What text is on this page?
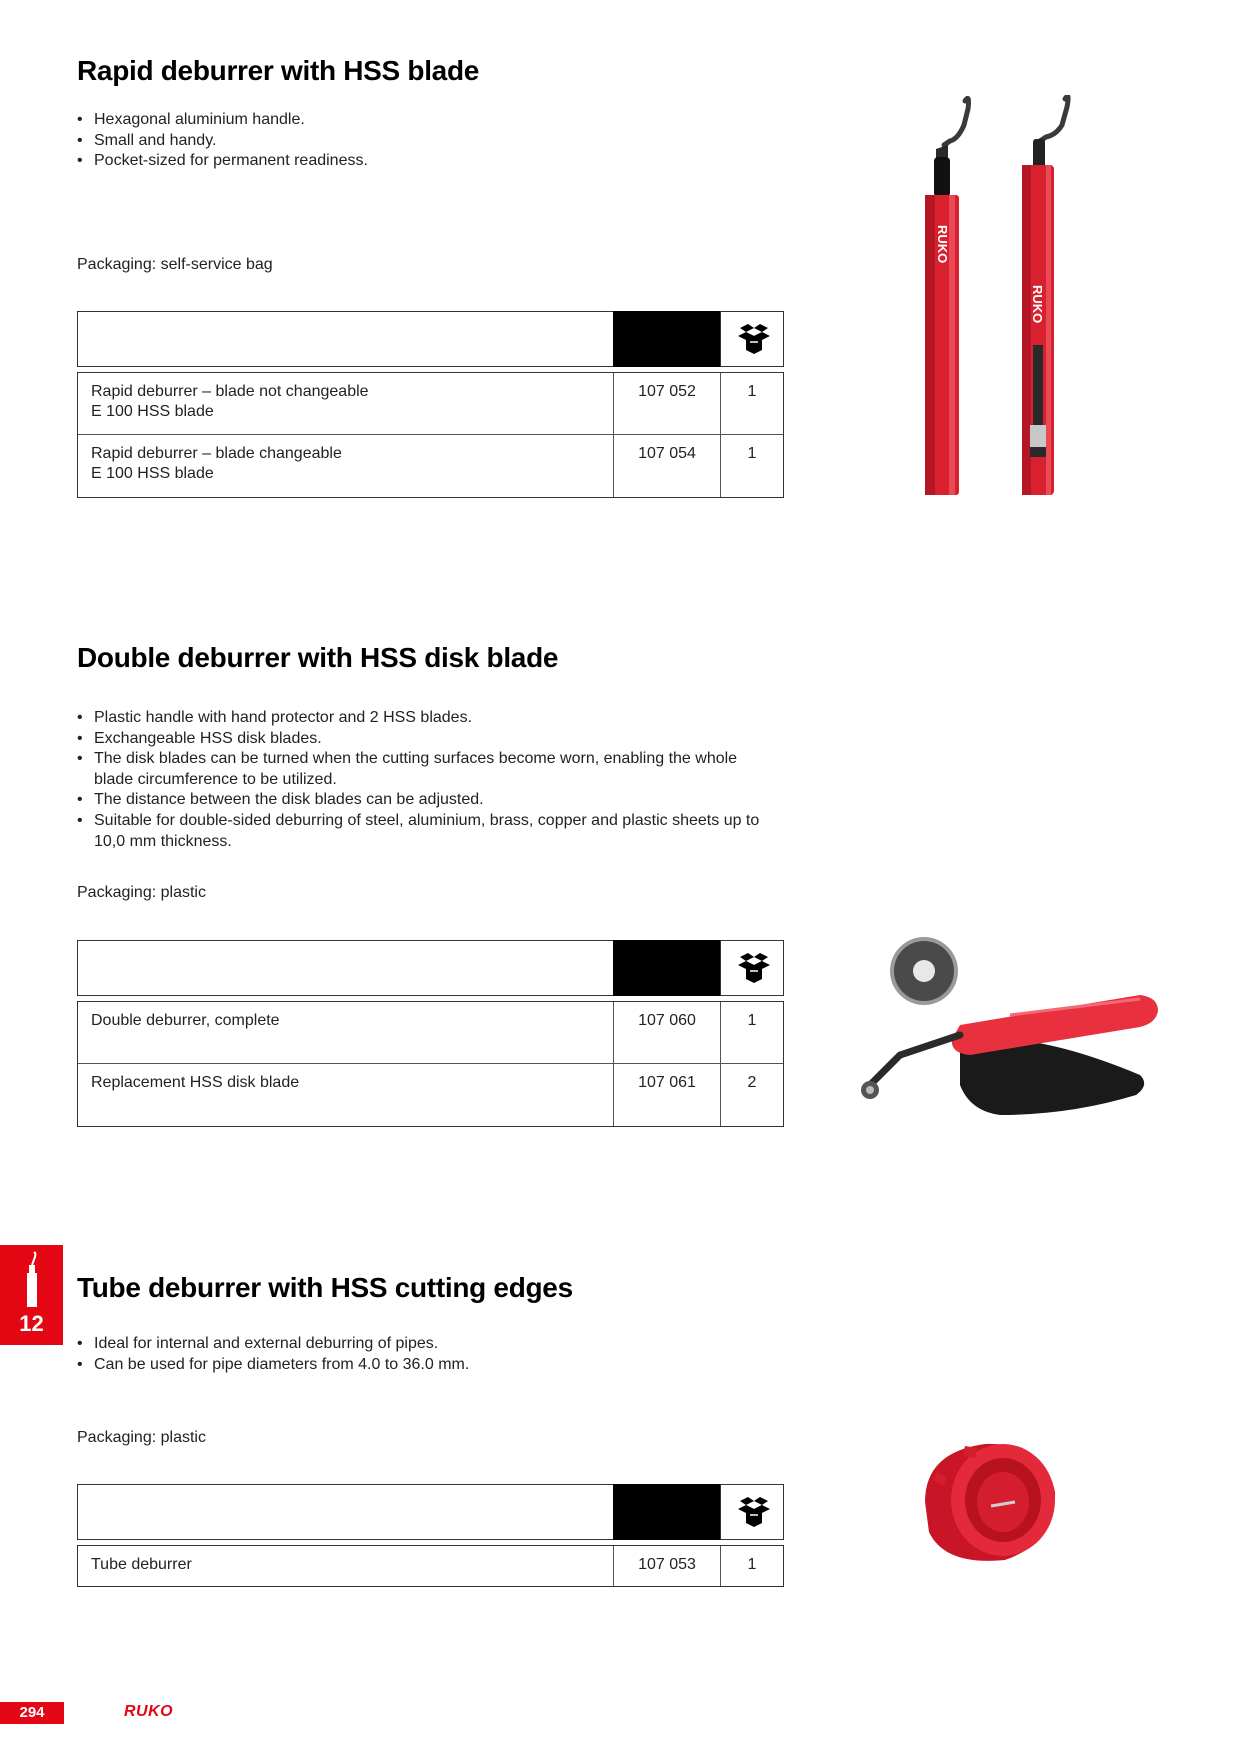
Rapid deburrer with HSS blade
• Hexagonal aluminium handle.
• Small and handy.
• Pocket-sized for permanent readiness.
Packaging: self-service bag
Rapid deburrer – blade not changeable
E 100 HSS blade
107 052	1
Rapid deburrer – blade changeable
E 100 HSS blade
107 054	1
RUKO
RUKO
Double deburrer with HSS disk blade
• Plastic handle with hand protector and 2 HSS blades.
• Exchangeable HSS disk blades.
• The disk blades can be turned when the cutting surfaces become worn, enabling the whole blade circumference to be utilized.
• The distance between the disk blades can be adjusted.
• Suitable for double-sided deburring of steel, aluminium, brass, copper and plastic sheets up to 10,0 mm thickness.
Packaging: plastic
Double deburrer, complete	107 060	1
Replacement HSS disk blade	107 061	2
12
Tube deburrer with HSS cutting edges
• Ideal for internal and external deburring of pipes.
• Can be used for pipe diameters from 4.0 to 36.0 mm.
Packaging: plastic
Tube deburrer	107 053	1
294	RUKO
